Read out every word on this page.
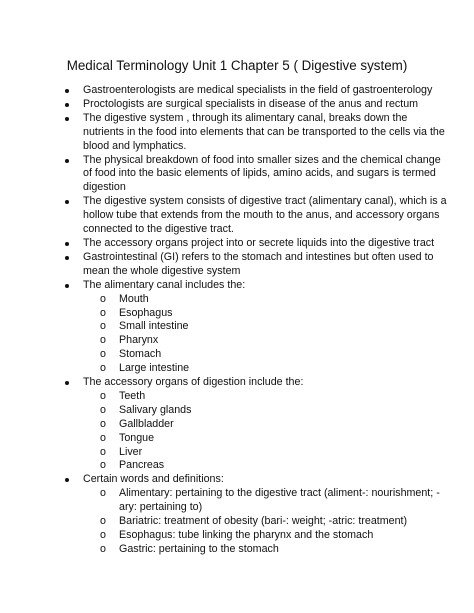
Medical Terminology Unit 1 Chapter 5 ( Digestive system)
Gastroenterologists are medical specialists in the field of gastroenterology
Proctologists are surgical specialists in disease of the anus and rectum
The digestive system , through its alimentary canal, breaks down the nutrients in the food into elements that can be transported to the cells via the blood and lymphatics.
The physical breakdown of food into smaller sizes and the chemical change of food into the basic elements of lipids, amino acids, and sugars is termed digestion
The digestive system consists of digestive tract (alimentary canal), which is a hollow tube that extends from the mouth to the anus, and accessory organs connected to the digestive tract.
The accessory organs project into or secrete liquids into the digestive tract
Gastrointestinal (GI) refers to the stomach and intestines but often used to mean the whole digestive system
The alimentary canal includes the:
o Mouth
o Esophagus
o Small intestine
o Pharynx
o Stomach
o Large intestine
The accessory organs of digestion include the:
o Teeth
o Salivary glands
o Gallbladder
o Tongue
o Liver
o Pancreas
Certain words and definitions:
o Alimentary: pertaining to the digestive tract (aliment-: nourishment; -ary: pertaining to)
o Bariatric: treatment of obesity (bari-: weight; -atric: treatment)
o Esophagus: tube linking the pharynx and the stomach
o Gastric: pertaining to the stomach
